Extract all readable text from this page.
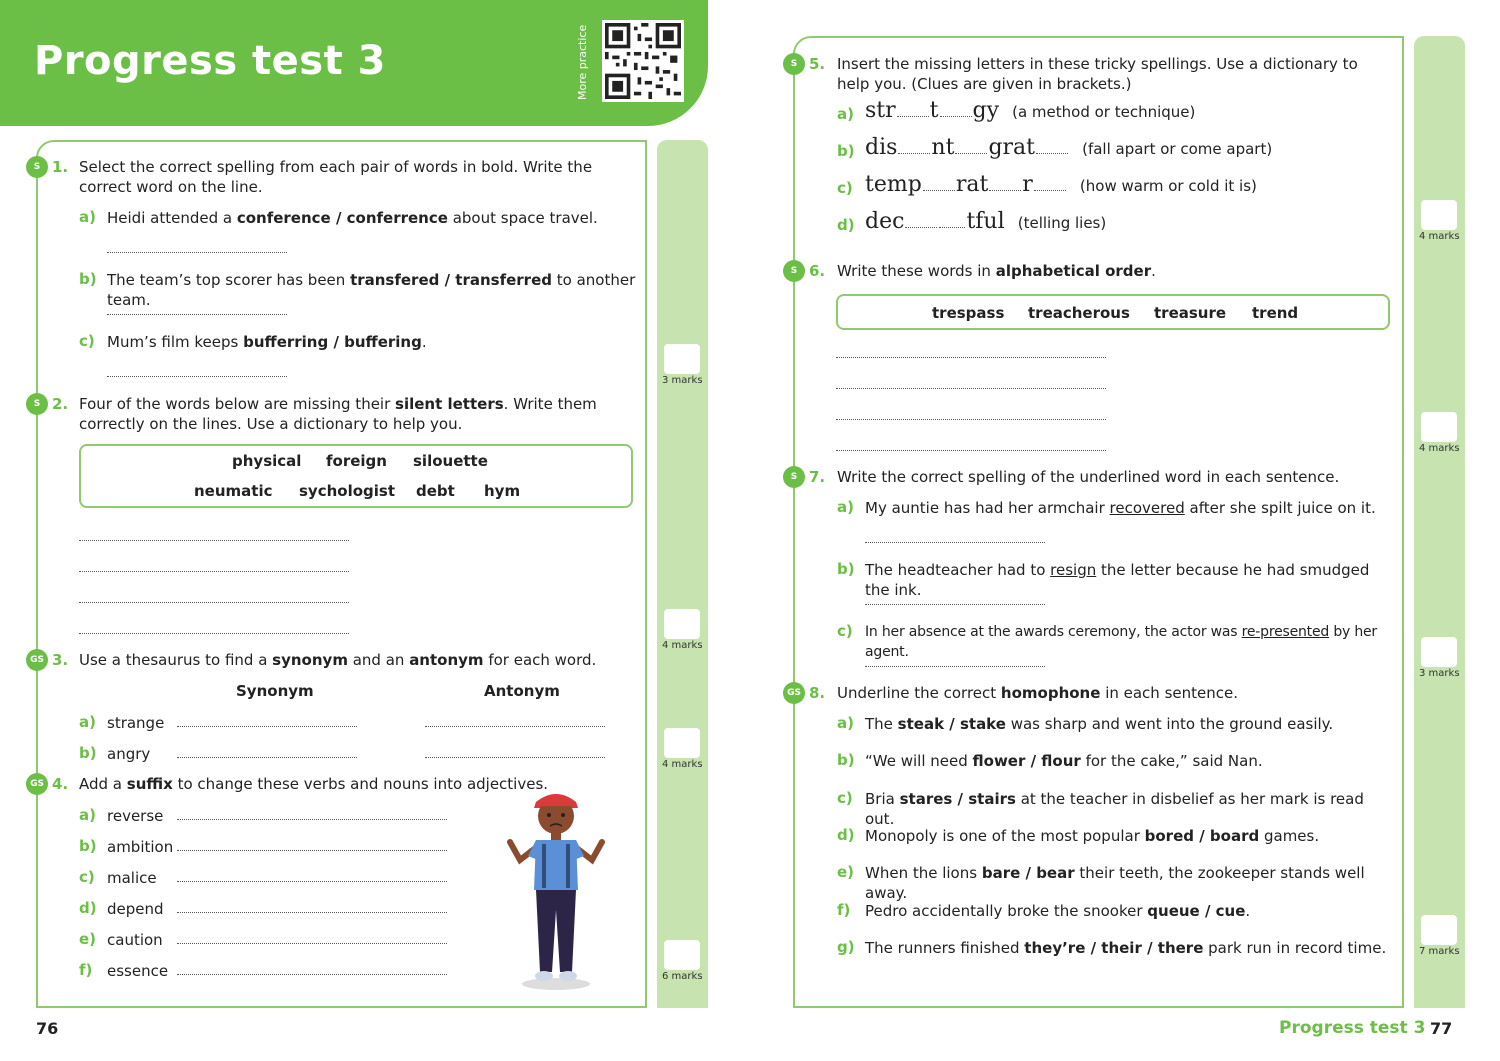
Progress test 3	More practice
3 marks
4 marks
4 marks
6 marks
S 1. Select the correct spelling from each pair of words in bold. Write the correct word on the line.
a) Heidi attended a conference / conferrence about space travel.
b) The team’s top scorer has been transfered / transferred to another team.
c) Mum’s film keeps bufferring / buffering.
S 2. Four of the words below are missing their silent letters. Write them correctly on the lines. Use a dictionary to help you.
physical foreign silouette
neumatic sychologist debt hym
GS 3. Use a thesaurus to find a synonym and an antonym for each word.
Synonym	Antonym
a) strange
b) angry
GS 4. Add a suffix to change these verbs and nouns into adjectives.
a) reverse
b) ambition
c) malice
d) depend
e) caution
f) essence
76
4 marks
4 marks
3 marks
7 marks
S 5. Insert the missing letters in these tricky spellings. Use a dictionary to help you. (Clues are given in brackets.)
a) str t gy (a method or technique)
b) dis nt grat	(fall apart or come apart)
c) temp rat r	(how warm or cold it is)
d) dec	tful (telling lies)
S 6. Write these words in alphabetical order.
trespass treacherous treasure trend
S 7. Write the correct spelling of the underlined word in each sentence.
a) My auntie has had her armchair recovered after she spilt juice on it.
b) The headteacher had to resign the letter because he had smudged the ink.
c) In her absence at the awards ceremony, the actor was re-presented by her agent.
GS 8. Underline the correct homophone in each sentence.
a) The steak / stake was sharp and went into the ground easily.
b) “We will need flower / flour for the cake,” said Nan.
c) Bria stares / stairs at the teacher in disbelief as her mark is read out.
d) Monopoly is one of the most popular bored / board games.
e) When the lions bare / bear their teeth, the zookeeper stands well away.
f) Pedro accidentally broke the snooker queue / cue.
g) The runners finished they’re / their / there park run in record time.
Progress test 3 77
